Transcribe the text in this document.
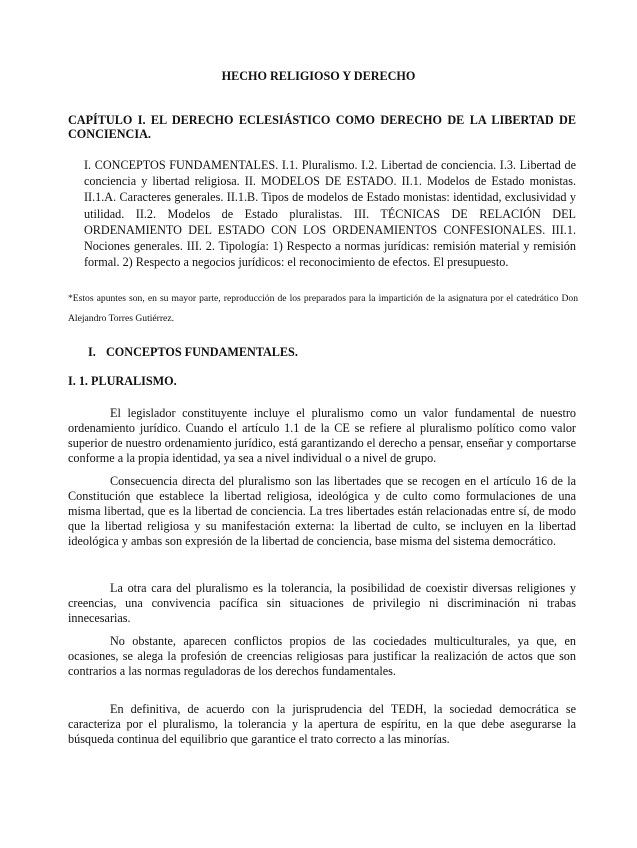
HECHO RELIGIOSO Y DERECHO
CAPÍTULO I. EL DERECHO ECLESIÁSTICO COMO DERECHO DE LA LIBERTAD DE CONCIENCIA.

I. CONCEPTOS FUNDAMENTALES. I.1. Pluralismo. I.2. Libertad de conciencia. I.3. Libertad de conciencia y libertad religiosa. II. MODELOS DE ESTADO. II.1. Modelos de Estado monistas. II.1.A. Caracteres generales. II.1.B. Tipos de modelos de Estado monistas: identidad, exclusividad y utilidad. II.2. Modelos de Estado pluralistas. III. TÉCNICAS DE RELACIÓN DEL ORDENAMIENTO DEL ESTADO CON LOS ORDENAMIENTOS CONFESIONALES. III.1. Nociones generales. III. 2. Tipología: 1) Respecto a normas jurídicas: remisión material y remisión formal. 2) Respecto a negocios jurídicos: el reconocimiento de efectos. El presupuesto.

*Estos apuntes son, en su mayor parte, reproducción de los preparados para la impartición de la asignatura por el catedrático Don Alejandro Torres Gutiérrez.

I. CONCEPTOS FUNDAMENTALES.
I. 1. PLURALISMO.

El legislador constituyente incluye el pluralismo como un valor fundamental de nuestro ordenamiento jurídico. Cuando el artículo 1.1 de la CE se refiere al pluralismo político como valor superior de nuestro ordenamiento jurídico, está garantizando el derecho a pensar, enseñar y comportarse conforme a la propia identidad, ya sea a nivel individual o a nivel de grupo.

Consecuencia directa del pluralismo son las libertades que se recogen en el artículo 16 de la Constitución que establece la libertad religiosa, ideológica y de culto como formulaciones de una misma libertad, que es la libertad de conciencia. La tres libertades están relacionadas entre sí, de modo que la libertad religiosa y su manifestación externa: la libertad de culto, se incluyen en la libertad ideológica y ambas son expresión de la libertad de conciencia, base misma del sistema democrático.

La otra cara del pluralismo es la tolerancia, la posibilidad de coexistir diversas religiones y creencias, una convivencia pacífica sin situaciones de privilegio ni discriminación ni trabas innecesarias.

No obstante, aparecen conflictos propios de las cociedades multiculturales, ya que, en ocasiones, se alega la profesión de creencias religiosas para justificar la realización de actos que son contrarios a las normas reguladoras de los derechos fundamentales.

En definitiva, de acuerdo con la jurisprudencia del TEDH, la sociedad democrática se caracteriza por el pluralismo, la tolerancia y la apertura de espíritu, en la que debe asegurarse la búsqueda continua del equilibrio que garantice el trato correcto a las minorías.
